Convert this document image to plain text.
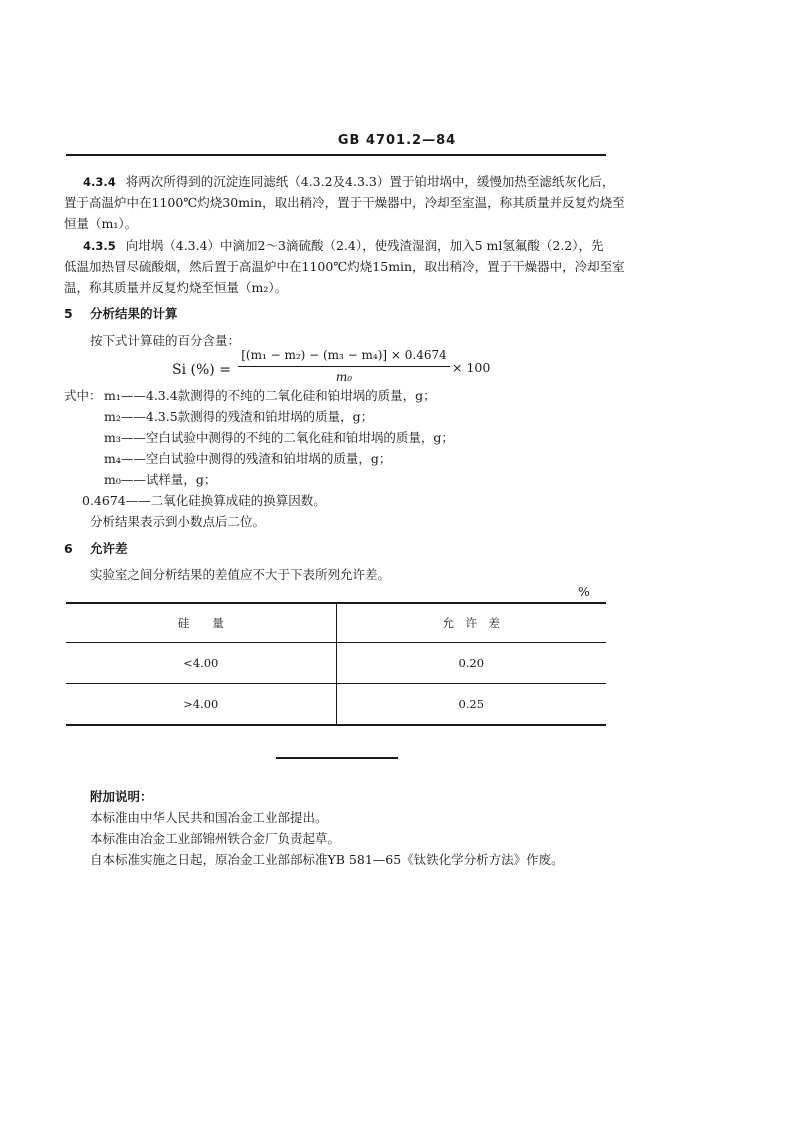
GB 4701.2—84
4.3.4 将两次所得到的沉淀连同滤纸（4.3.2及4.3.3）置于铂坩埚中，缓慢加热至滤纸灰化后，
置于高温炉中在1100℃灼烧30min，取出稍冷，置于干燥器中，冷却至室温，称其质量并反复灼烧至
恒量（m₁）。
4.3.5 向坩埚（4.3.4）中滴加2～3滴硫酸（2.4），使残渣湿润，加入5 ml氢氟酸（2.2），先
低温加热冒尽硫酸烟，然后置于高温炉中在1100℃灼烧15min，取出稍冷，置于干燥器中，冷却至室
温，称其质量并反复灼烧至恒量（m₂）。
5 分析结果的计算
按下式计算硅的百分含量：
Si (%) =
[(m₁ − m₂) − (m₃ − m₄)] × 0.4674
m₀
× 100
式中： m₁——4.3.4款测得的不纯的二氧化硅和铂坩埚的质量，g；
m₂——4.3.5款测得的残渣和铂坩埚的质量，g；
m₃——空白试验中测得的不纯的二氧化硅和铂坩埚的质量，g；
m₄——空白试验中测得的残渣和铂坩埚的质量，g；
m₀——试样量，g；
0.4674——二氧化硅换算成硅的换算因数。
分析结果表示到小数点后二位。
6 允许差
实验室之间分析结果的差值应不大于下表所列允许差。
%
硅　　量	允　许　差
<4.00	0.20
>4.00	0.25
附加说明：
本标准由中华人民共和国冶金工业部提出。
本标准由冶金工业部锦州铁合金厂负责起草。
自本标准实施之日起，原冶金工业部部标准YB 581—65《钛铁化学分析方法》作废。
